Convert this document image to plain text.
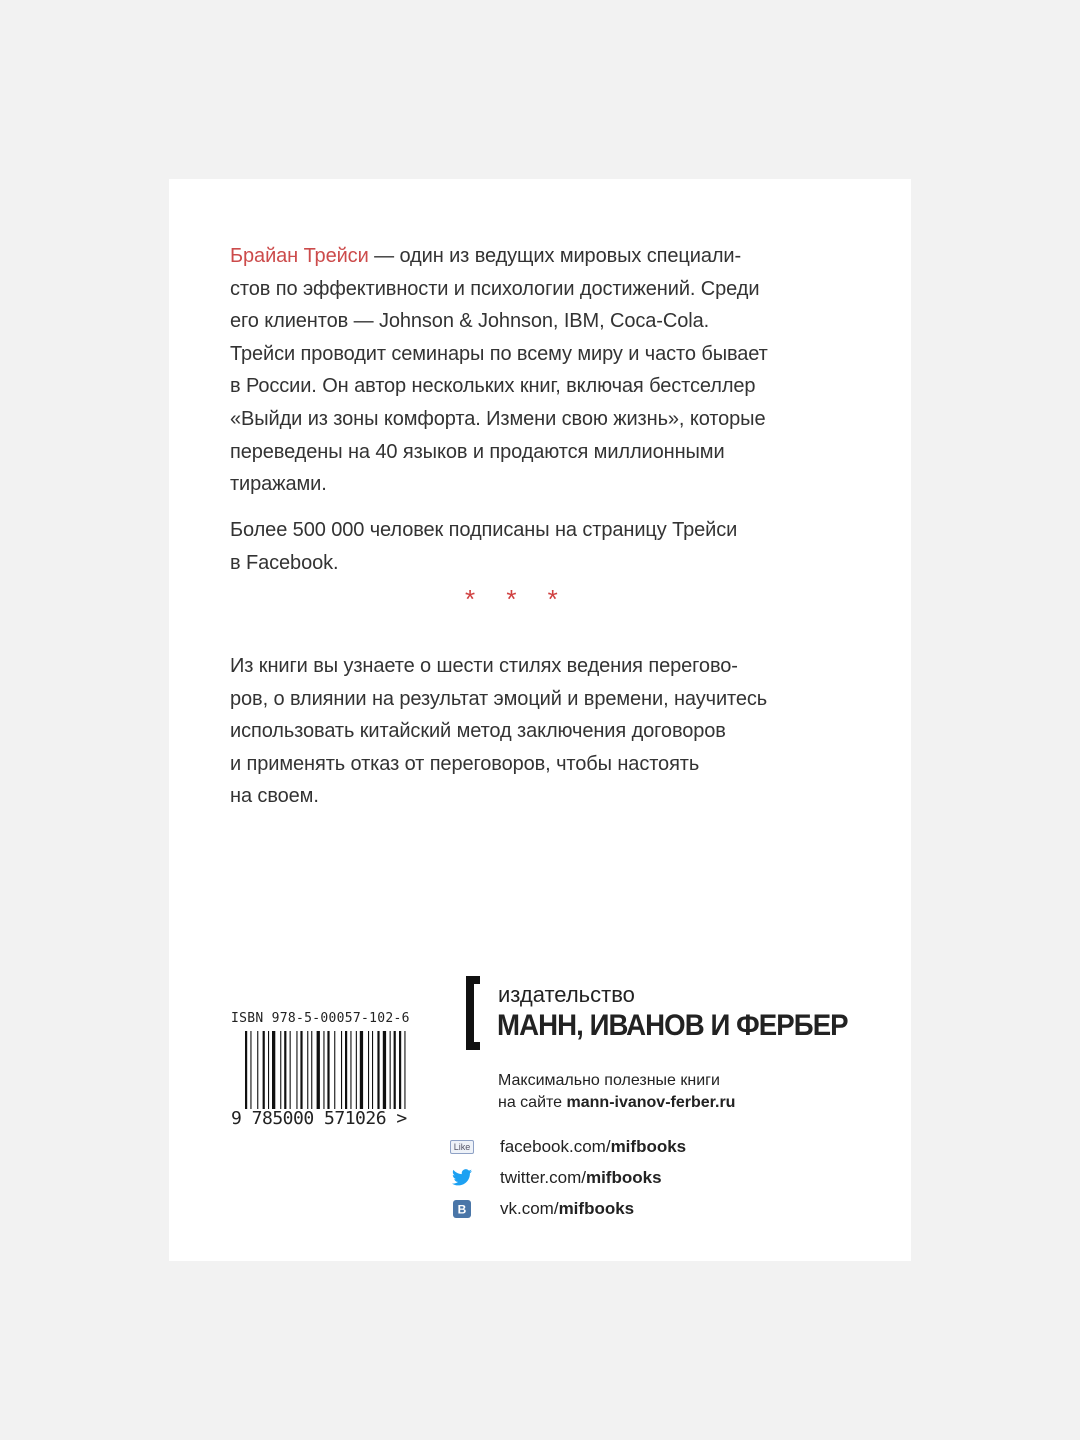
Брайан Трейси — один из ведущих мировых специали-
стов по эффективности и психологии достижений. Среди
его клиентов — Johnson & Johnson, IBM, Coca-Cola.
Трейси проводит семинары по всему миру и часто бывает
в России. Он автор нескольких книг, включая бестселлер
«Выйди из зоны комфорта. Измени свою жизнь», которые
переведены на 40 языков и продаются миллионными
тиражами.
Более 500 000 человек подписаны на страницу Трейси
в Facebook.
* * *
Из книги вы узнаете о шести стилях ведения перегово-
ров, о влиянии на результат эмоций и времени, научитесь
использовать китайский метод заключения договоров
и применять отказ от переговоров, чтобы настоять
на своем.
ISBN 978-5-00057-102-6
9 785000 571026 >
издательство
МАНН, ИВАНОВ И ФЕРБЕР
Максимально полезные книги
на сайте mann-ivanov-ferber.ru
Like facebook.com/ mifbooks
twitter.com/ mifbooks
B vk.com/ mifbooks
